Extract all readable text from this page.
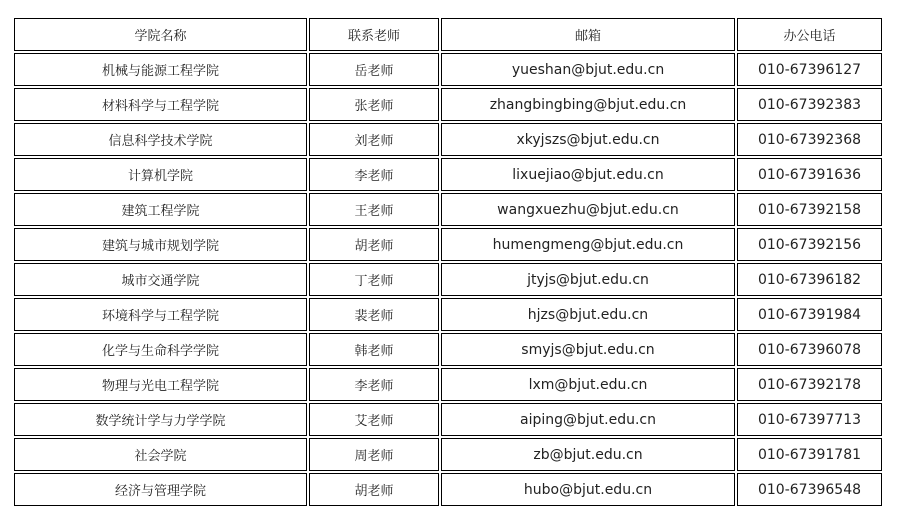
学院名称	联系老师	邮箱	办公电话
机械与能源工程学院	岳老师	yueshan@bjut.edu.cn	010-67396127
材料科学与工程学院	张老师	zhangbingbing@bjut.edu.cn	010-67392383
信息科学技术学院	刘老师	xkyjszs@bjut.edu.cn	010-67392368
计算机学院	李老师	lixuejiao@bjut.edu.cn	010-67391636
建筑工程学院	王老师	wangxuezhu@bjut.edu.cn	010-67392158
建筑与城市规划学院	胡老师	humengmeng@bjut.edu.cn	010-67392156
城市交通学院	丁老师	jtyjs@bjut.edu.cn	010-67396182
环境科学与工程学院	裴老师	hjzs@bjut.edu.cn	010-67391984
化学与生命科学学院	韩老师	smyjs@bjut.edu.cn	010-67396078
物理与光电工程学院	李老师	lxm@bjut.edu.cn	010-67392178
数学统计学与力学学院	艾老师	aiping@bjut.edu.cn	010-67397713
社会学院	周老师	zb@bjut.edu.cn	010-67391781
经济与管理学院	胡老师	hubo@bjut.edu.cn	010-67396548
